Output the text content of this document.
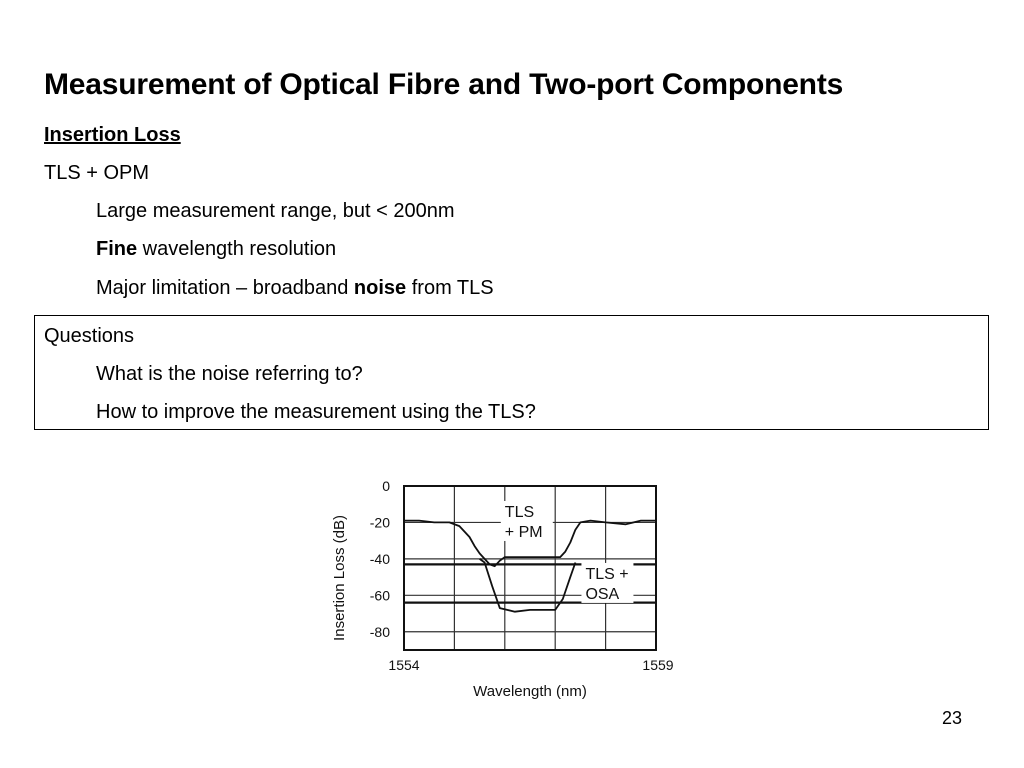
Measurement of Optical Fibre and Two-port Components
Insertion Loss
TLS + OPM
Large measurement range, but < 200nm
Fine wavelength resolution
Major limitation – broadband noise from TLS
Questions
What is the noise referring to?
How to improve the measurement using the TLS?
0
-20
-40
-60
-80
1554	1559
Wavelength (nm)
Insertion Loss (dB)
TLS
+ PM
TLS +
OSA
23
